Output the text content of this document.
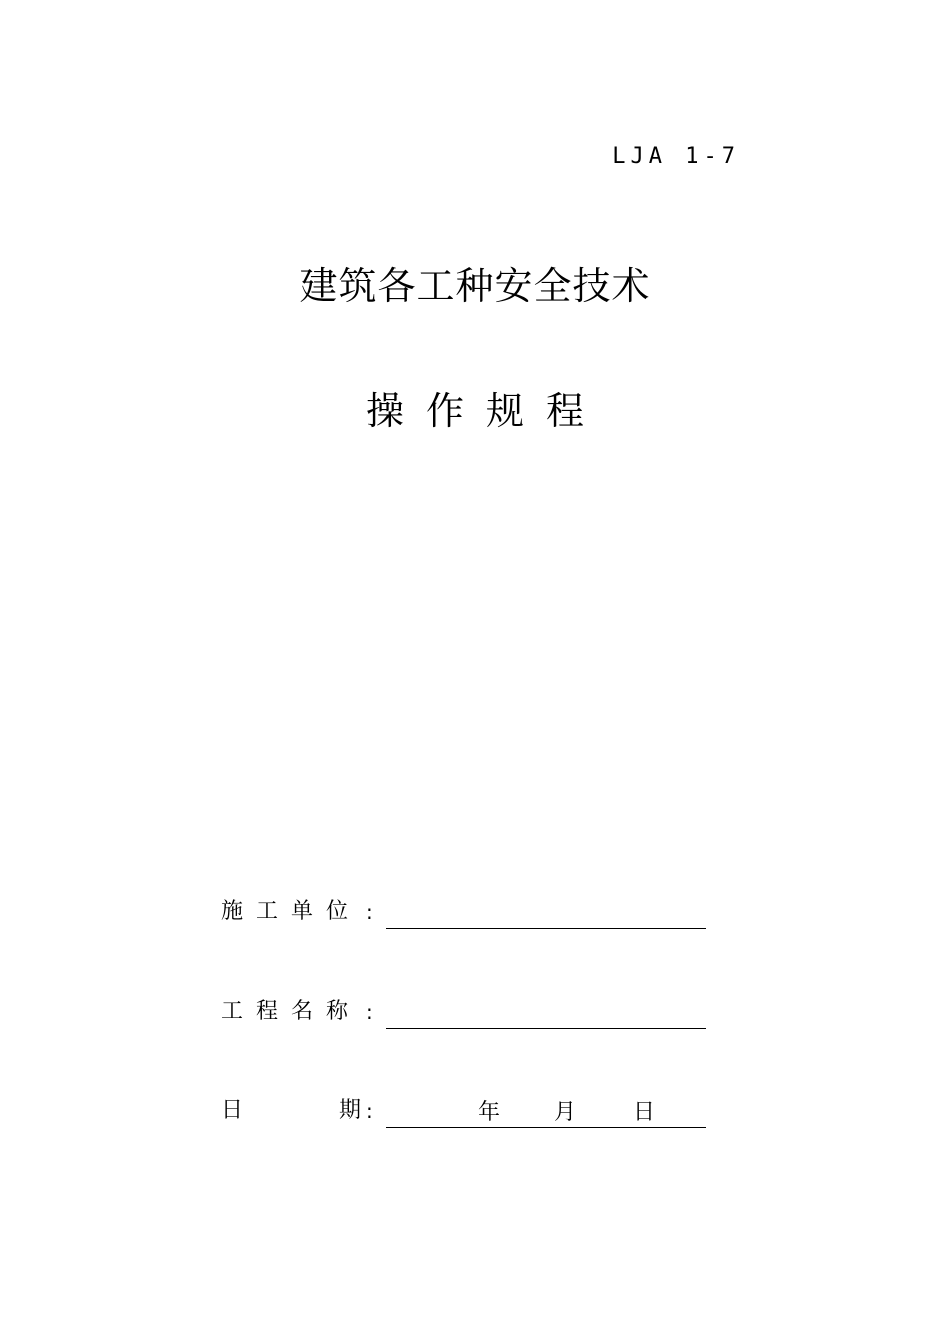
LJA 1-7
建筑各工种安全技术
操作规程
施工单位 :
工程名称 :
日	期 :	年 月	日
